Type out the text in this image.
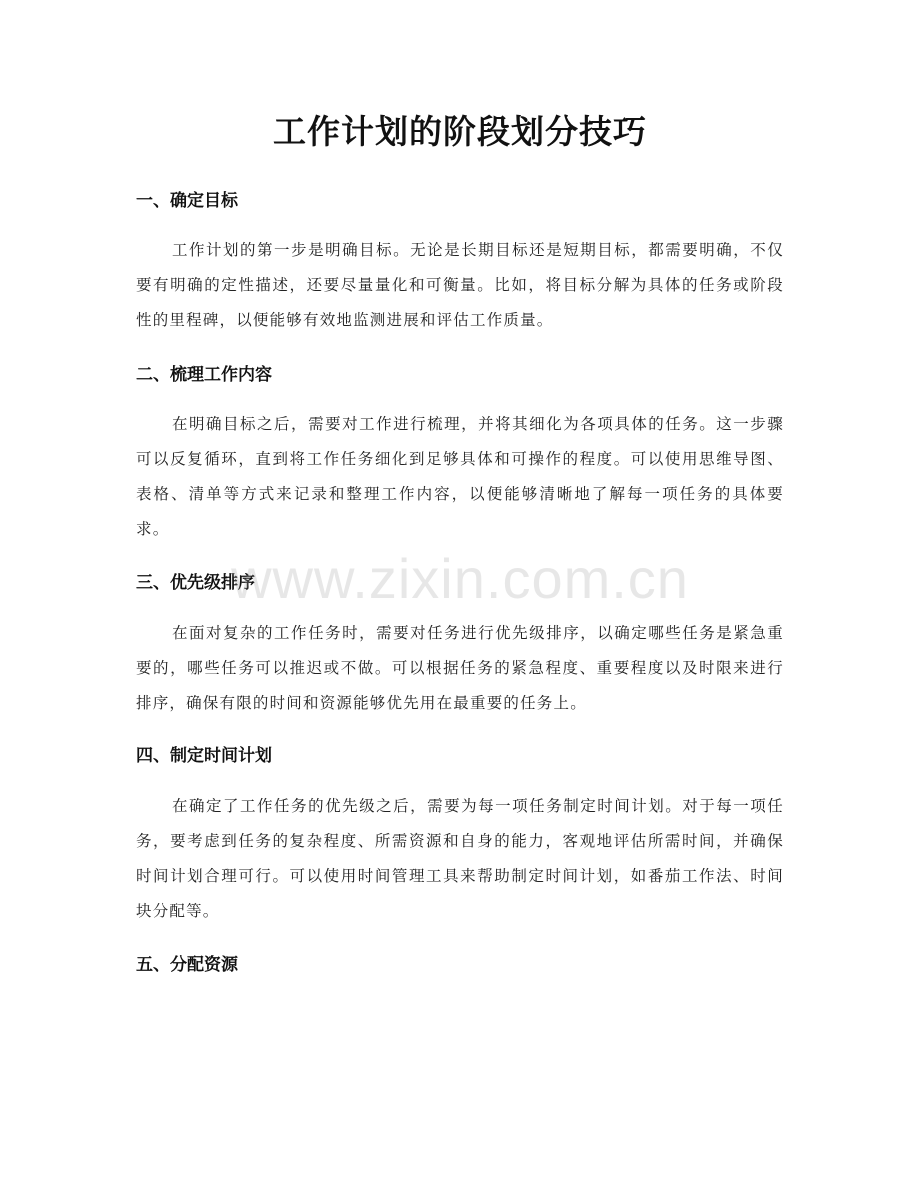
工作计划的阶段划分技巧
一、确定目标

工作计划的第一步是明确目标。无论是长期目标还是短期目标，都需要明确，不仅要有明确的定性描述，还要尽量量化和可衡量。比如，将目标分解为具体的任务或阶段性的里程碑，以便能够有效地监测进展和评估工作质量。

二、梳理工作内容

在明确目标之后，需要对工作进行梳理，并将其细化为各项具体的任务。这一步骤可以反复循环，直到将工作任务细化到足够具体和可操作的程度。可以使用思维导图、表格、清单等方式来记录和整理工作内容，以便能够清晰地了解每一项任务的具体要求。

三、优先级排序

在面对复杂的工作任务时，需要对任务进行优先级排序，以确定哪些任务是紧急重要的，哪些任务可以推迟或不做。可以根据任务的紧急程度、重要程度以及时限来进行排序，确保有限的时间和资源能够优先用在最重要的任务上。

四、制定时间计划

在确定了工作任务的优先级之后，需要为每一项任务制定时间计划。对于每一项任务，要考虑到任务的复杂程度、所需资源和自身的能力，客观地评估所需时间，并确保时间计划合理可行。可以使用时间管理工具来帮助制定时间计划，如番茄工作法、时间块分配等。

五、分配资源
www.zixin.com.cn
